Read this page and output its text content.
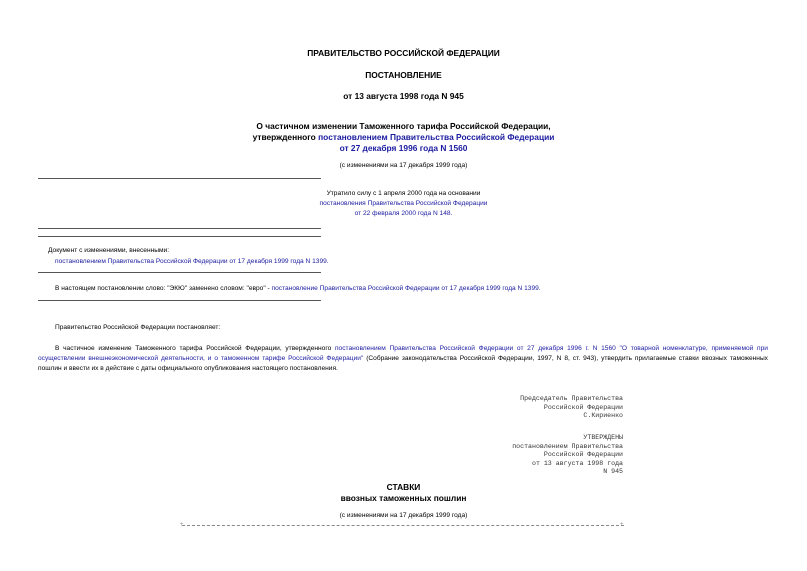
ПРАВИТЕЛЬСТВО РОССИЙСКОЙ ФЕДЕРАЦИИ
ПОСТАНОВЛЕНИЕ
от 13 августа 1998 года N 945
О частичном изменении Таможенного тарифа Российской Федерации,
утвержденного постановлением Правительства Российской Федерации
от 27 декабря 1996 года N 1560
(с изменениями на 17 декабря 1999 года)
Утратило силу с 1 апреля 2000 года на основании
постановления Правительства Российской Федерации
от 22 февраля 2000 года N 148.
Документ с изменениями, внесенными:
постановлением Правительства Российской Федерации от 17 декабря 1999 года N 1399.
В настоящем постановлении слово: "ЭКЮ" заменено словом: "евро" - постановление Правительства Российской Федерации от 17 декабря 1999 года N 1399.
Правительство Российской Федерации постановляет:
В частичное изменение Таможенного тарифа Российской Федерации, утвержденного постановлением Правительства Российской Федерации от 27 декабря 1996 г. N 1560 "О товарной номенклатуре, применяемой при осуществлении внешнеэкономической деятельности, и о таможенном тарифе Российской Федерации" (Собрание законодательства Российской Федерации, 1997, N 8, ст. 943), утвердить прилагаемые ставки ввозных таможенных пошлин и ввести их в действие с даты официального опубликования настоящего постановления.
Председатель Правительства
Российской Федерации
С.Кириенко
УТВЕРЖДЕНЫ
постановлением Правительства
Российской Федерации
от 13 августа 1998 года
N 945
СТАВКИ
ввозных таможенных пошлин
(с изменениями на 17 декабря 1999 года)
+	+
